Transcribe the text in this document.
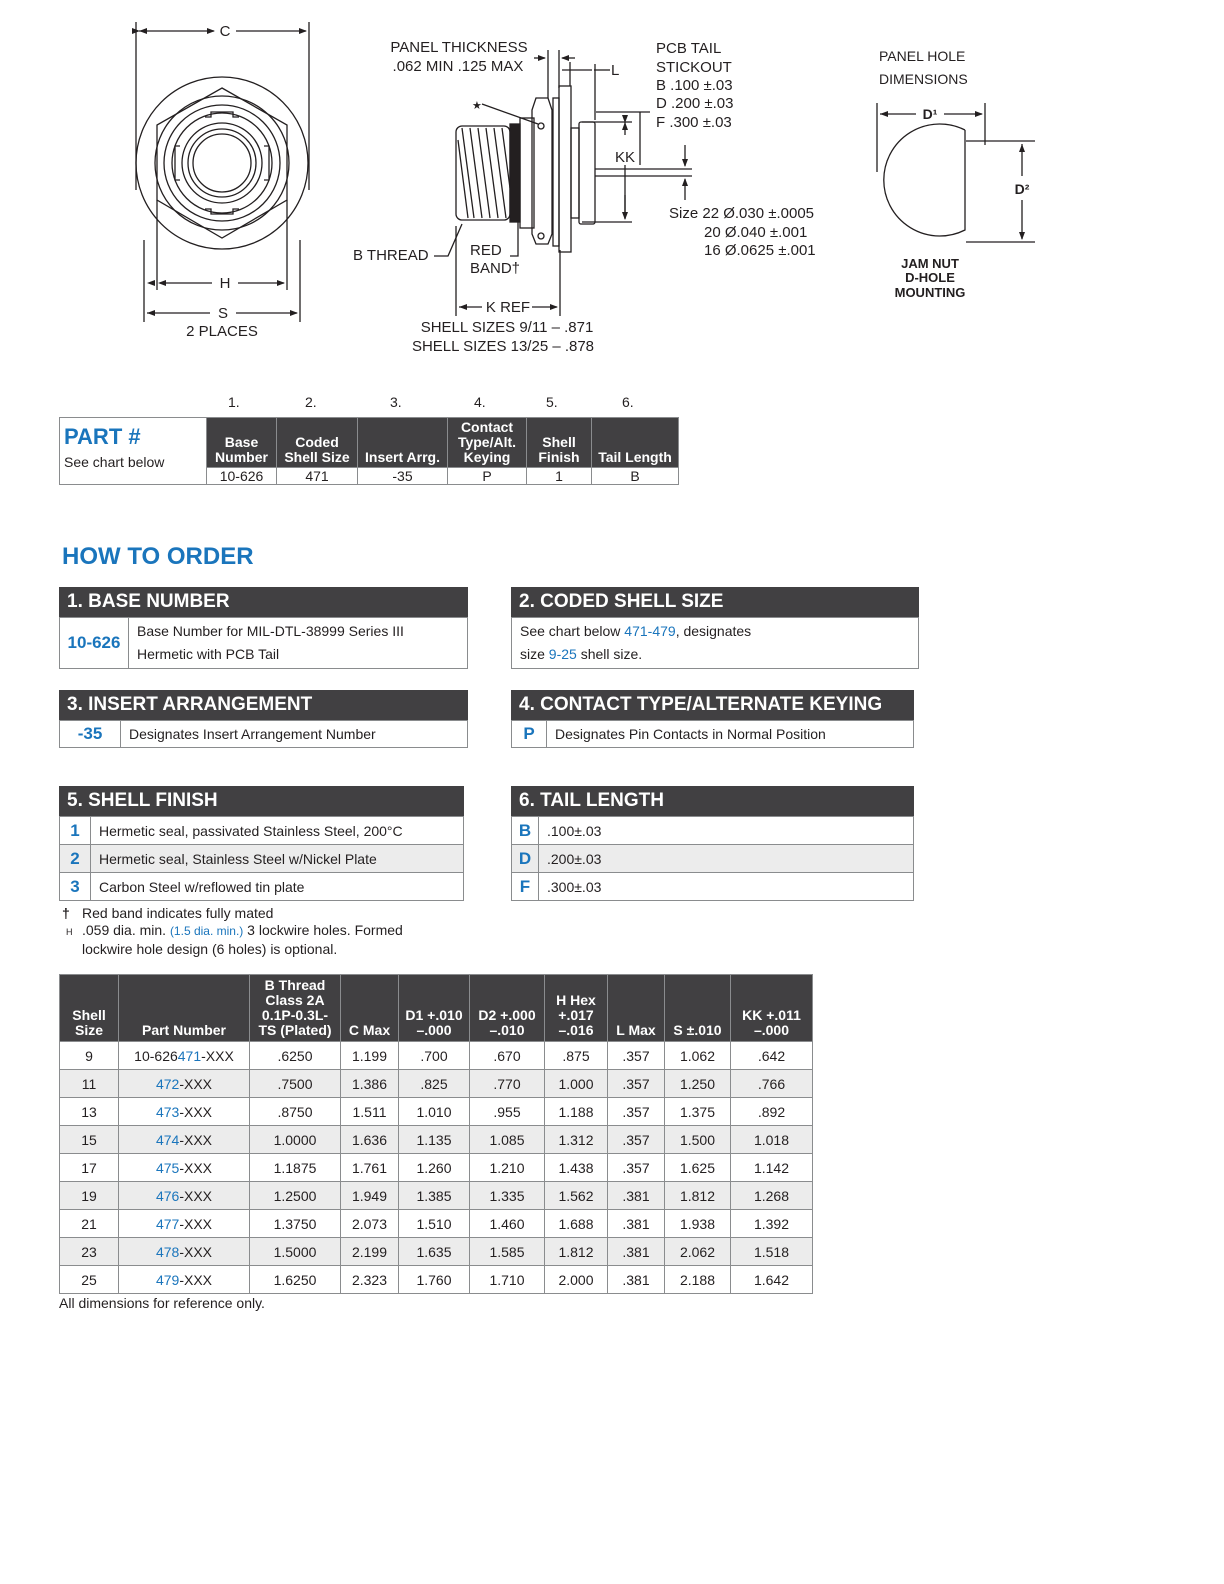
C
H
S
2 PLACES
PANEL THICKNESS
.062 MIN .125 MAX	L
PCB TAIL
STICKOUT
B .100 ±.03
D .200 ±.03
F .300 ±.03
KK
Size 22 Ø.030 ±.0005
20 Ø.040 ±.001
16 Ø.0625 ±.001
B THREAD	RED
BAND†
K REF
SHELL SIZES 9/11 – .871
SHELL SIZES 13/25 – .878
★
PANEL HOLE
DIMENSIONS
D¹
D²
JAM NUT
D-HOLE
MOUNTING
1.	2.	3.	4.	5.	6.
PART #
See chart below	Base Number	Coded Shell Size	Insert Arrg.	Contact Type/Alt. Keying	Shell Finish	Tail Length
	10-626	471	-35	P	1	B
HOW TO ORDER
1. BASE NUMBER
10-626	
Base Number for MIL-DTL-38999 Series III
Hermetic with PCB Tail
2. CODED SHELL SIZE
See chart below 471-479, designates
size 9-25 shell size.
3. INSERT ARRANGEMENT
-35	Designates Insert Arrangement Number
4. CONTACT TYPE/ALTERNATE KEYING
P	Designates Pin Contacts in Normal Position
5. SHELL FINISH
1	Hermetic seal, passivated Stainless Steel, 200°C
2	Hermetic seal, Stainless Steel w/Nickel Plate
3	Carbon Steel w/reflowed tin plate
6. TAIL LENGTH
B	.100±.03
D	.200±.03
F	.300±.03
† Red band indicates fully mated
H .059 dia. min. (1.5 dia. min.) 3 lockwire holes. Formed
lockwire hole design (6 holes) is optional.
Shell Size	Part Number	B Thread Class 2A 0.1P-0.3L-TS (Plated)	C Max	D1 +.010 –.000	D2 +.000 –.010	H Hex +.017 –.016	L Max	S ±.010	KK +.011 –.000
9	10-626471-XXX	.6250	1.199	.700	.670	.875	.357	1.062	.642
11	472-XXX	.7500	1.386	.825	.770	1.000	.357	1.250	.766
13	473-XXX	.8750	1.511	1.010	.955	1.188	.357	1.375	.892
15	474-XXX	1.0000	1.636	1.135	1.085	1.312	.357	1.500	1.018
17	475-XXX	1.1875	1.761	1.260	1.210	1.438	.357	1.625	1.142
19	476-XXX	1.2500	1.949	1.385	1.335	1.562	.381	1.812	1.268
21	477-XXX	1.3750	2.073	1.510	1.460	1.688	.381	1.938	1.392
23	478-XXX	1.5000	2.199	1.635	1.585	1.812	.381	2.062	1.518
25	479-XXX	1.6250	2.323	1.760	1.710	2.000	.381	2.188	1.642
All dimensions for reference only.
